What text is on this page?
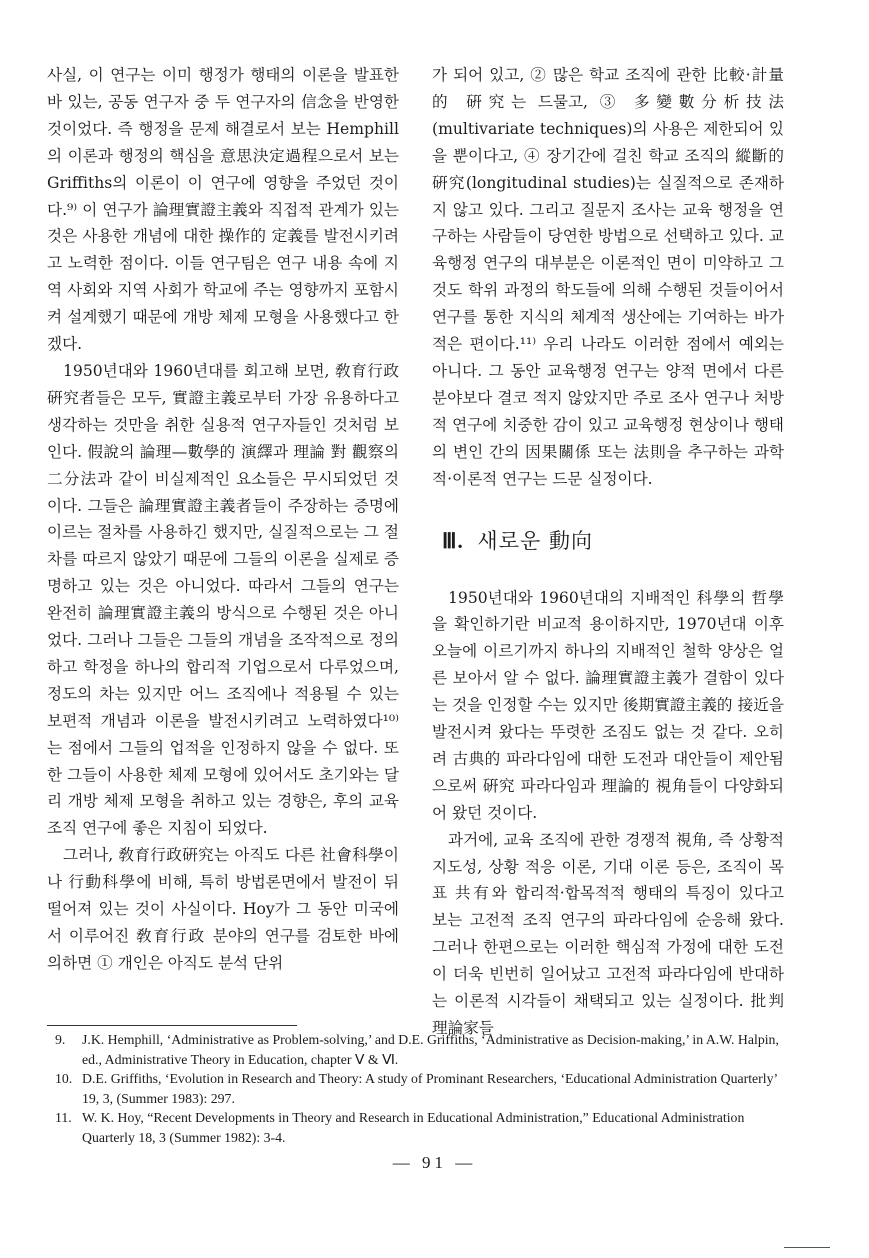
사실, 이 연구는 이미 행정가 행태의 이론을 발표한 바 있는, 공동 연구자 중 두 연구자의 信念을 반영한 것이었다. 즉 행정을 문제 해결로서 보는 Hemphill의 이론과 행정의 핵심을 意思決定過程으로서 보는 Griffiths의 이론이 이 연구에 영향을 주었던 것이다.⁹⁾ 이 연구가 論理實證主義와 직접적 관계가 있는 것은 사용한 개념에 대한 操作的 定義를 발전시키려고 노력한 점이다. 이들 연구팀은 연구 내용 속에 지역 사회와 지역 사회가 학교에 주는 영향까지 포함시켜 설계했기 때문에 개방 체제 모형을 사용했다고 한겠다.

1950년대와 1960년대를 회고해 보면, 敎育行政硏究者들은 모두, 實證主義로부터 가장 유용하다고 생각하는 것만을 취한 실용적 연구자들인 것처럼 보인다. 假說의 論理—數學的 演繹과 理論 對 觀察의 二分法과 같이 비실제적인 요소들은 무시되었던 것이다. 그들은 論理實證主義者들이 주장하는 증명에 이르는 절차를 사용하긴 했지만, 실질적으로는 그 절차를 따르지 않았기 때문에 그들의 이론을 실제로 증명하고 있는 것은 아니었다. 따라서 그들의 연구는 완전히 論理實證主義의 방식으로 수행된 것은 아니었다. 그러나 그들은 그들의 개념을 조작적으로 정의하고 학정을 하나의 합리적 기업으로서 다루었으며, 정도의 차는 있지만 어느 조직에나 적용될 수 있는 보편적 개념과 이론을 발전시키려고 노력하였다¹⁰⁾는 점에서 그들의 업적을 인정하지 않을 수 없다. 또한 그들이 사용한 체제 모형에 있어서도 초기와는 달리 개방 체제 모형을 취하고 있는 경향은, 후의 교육 조직 연구에 좋은 지침이 되었다.

그러나, 敎育行政硏究는 아직도 다른 社會科學이나 行動科學에 비해, 특히 방법론면에서 발전이 뒤떨어져 있는 것이 사실이다. Hoy가 그 동안 미국에서 이루어진 敎育行政 분야의 연구를 검토한 바에 의하면 ① 개인은 아직도 분석 단위

가 되어 있고, ② 많은 학교 조직에 관한 比較·計量的 硏究는 드물고, ③ 多變數分析技法(multivariate techniques)의 사용은 제한되어 있을 뿐이다고, ④ 장기간에 걸친 학교 조직의 縱斷的 硏究(longitudinal studies)는 실질적으로 존재하지 않고 있다. 그리고 질문지 조사는 교육 행정을 연구하는 사람들이 당연한 방법으로 선택하고 있다. 교육행정 연구의 대부분은 이론적인 면이 미약하고 그것도 학위 과정의 학도들에 의해 수행된 것들이어서 연구를 통한 지식의 체계적 생산에는 기여하는 바가 적은 편이다.¹¹⁾ 우리 나라도 이러한 점에서 예외는 아니다. 그 동안 교육행정 연구는 양적 면에서 다른 분야보다 결코 적지 않았지만 주로 조사 연구나 처방적 연구에 치중한 감이 있고 교육행정 현상이나 행태의 변인 간의 因果關係 또는 法則을 추구하는 과학적·이론적 연구는 드문 실정이다.

Ⅲ. 새로운 動向

1950년대와 1960년대의 지배적인 科學의 哲學을 확인하기란 비교적 용이하지만, 1970년대 이후 오늘에 이르기까지 하나의 지배적인 철학 양상은 얼른 보아서 알 수 없다. 論理實證主義가 결함이 있다는 것을 인정할 수는 있지만 後期實證主義的 接近을 발전시켜 왔다는 뚜렷한 조짐도 없는 것 같다. 오히려 古典的 파라다임에 대한 도전과 대안들이 제안됨으로써 硏究 파라다임과 理論的 視角들이 다양화되어 왔던 것이다.

과거에, 교육 조직에 관한 경쟁적 視角, 즉 상황적 지도성, 상황 적응 이론, 기대 이론 등은, 조직이 목표 共有와 합리적·합목적적 행태의 특징이 있다고 보는 고전적 조직 연구의 파라다임에 순응해 왔다. 그러나 한편으로는 이러한 핵심적 가정에 대한 도전이 더욱 빈번히 일어났고 고전적 파라다임에 반대하는 이론적 시각들이 채택되고 있는 실정이다. 批判理論家들

9.	J.K. Hemphill, ‘Administrative as Problem-solving,’ and D.E. Griffiths, ‘Administrative as Decision-making,’ in A.W. Halpin, ed., Administrative Theory in Education, chapter Ⅴ & Ⅵ.
10. D.E. Griffiths, ‘Evolution in Research and Theory: A study of Prominant Researchers, ‘Educational Administration Quarterly’ 19, 3, (Summer 1983): 297.
11. W. K. Hoy, “Recent Developments in Theory and Research in Educational Administration,” Educational Administration Quarterly 18, 3 (Summer 1982): 3-4.
— 91 —
